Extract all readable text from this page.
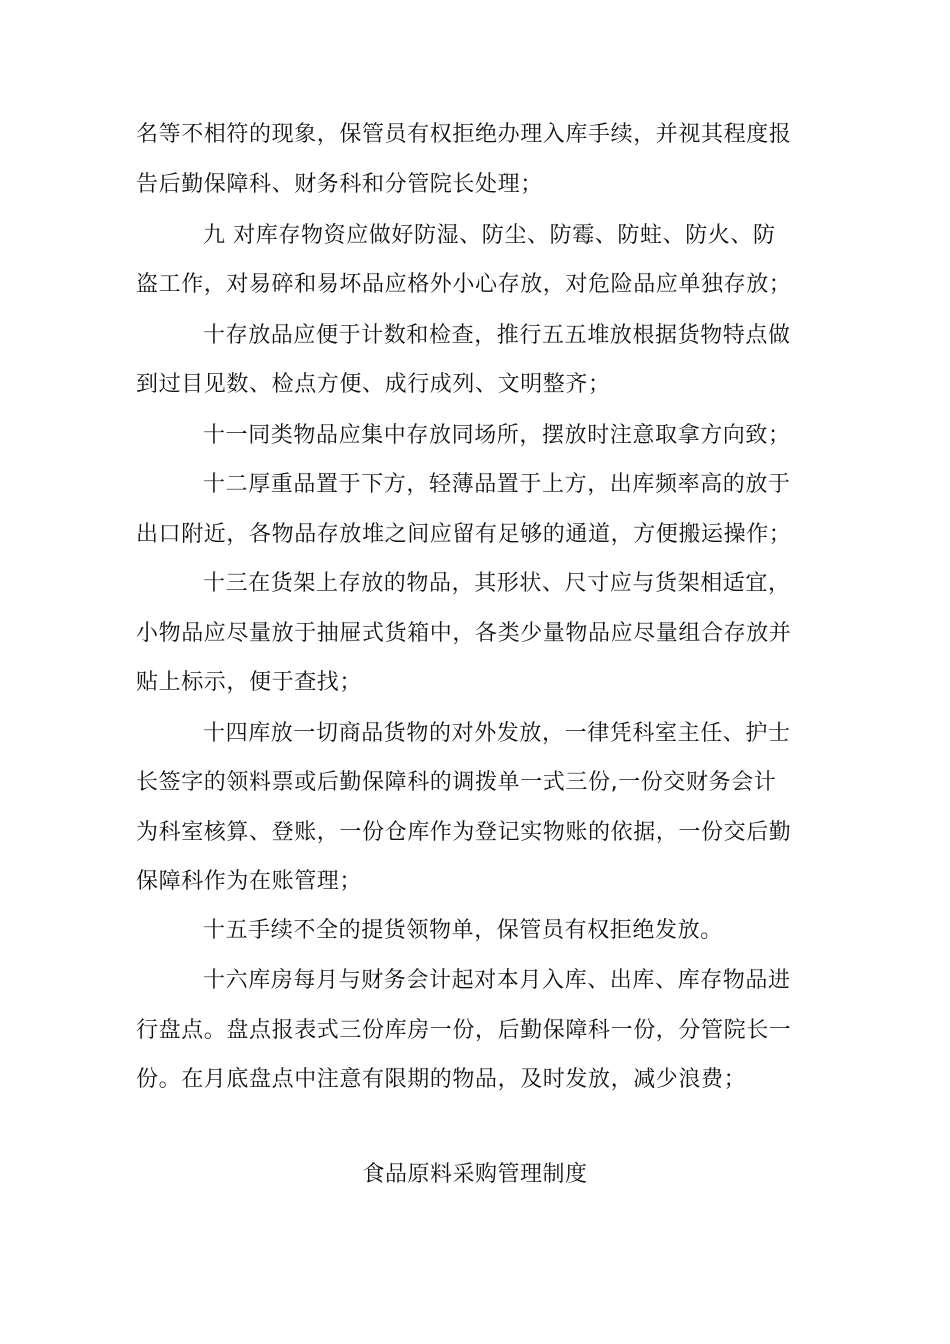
名等不相符的现象，保管员有权拒绝办理入库手续，并视其程度报
告后勤保障科、财务科和分管院长处理；
九 对库存物资应做好防湿、防尘、防霉、防蛀、防火、防
盗工作，对易碎和易坏品应格外小心存放，对危险品应单独存放；
十存放品应便于计数和检查，推行五五堆放根据货物特点做
到过目见数、检点方便、成行成列、文明整齐；
十一同类物品应集中存放同场所，摆放时注意取拿方向致；
十二厚重品置于下方，轻薄品置于上方，出库频率高的放于
出口附近，各物品存放堆之间应留有足够的通道，方便搬运操作；
十三在货架上存放的物品，其形状、尺寸应与货架相适宜，
小物品应尽量放于抽屉式货箱中，各类少量物品应尽量组合存放并
贴上标示，便于查找；
十四库放一切商品货物的对外发放，一律凭科室主任、护士
长签字的领料票或后勤保障科的调拨单一式三份,一份交财务会计
为科室核算、登账，一份仓库作为登记实物账的依据，一份交后勤
保障科作为在账管理；
十五手续不全的提货领物单，保管员有权拒绝发放。
十六库房每月与财务会计起对本月入库、出库、库存物品进
行盘点。盘点报表式三份库房一份，后勤保障科一份，分管院长一
份。在月底盘点中注意有限期的物品，及时发放，减少浪费；
食品原料采购管理制度
